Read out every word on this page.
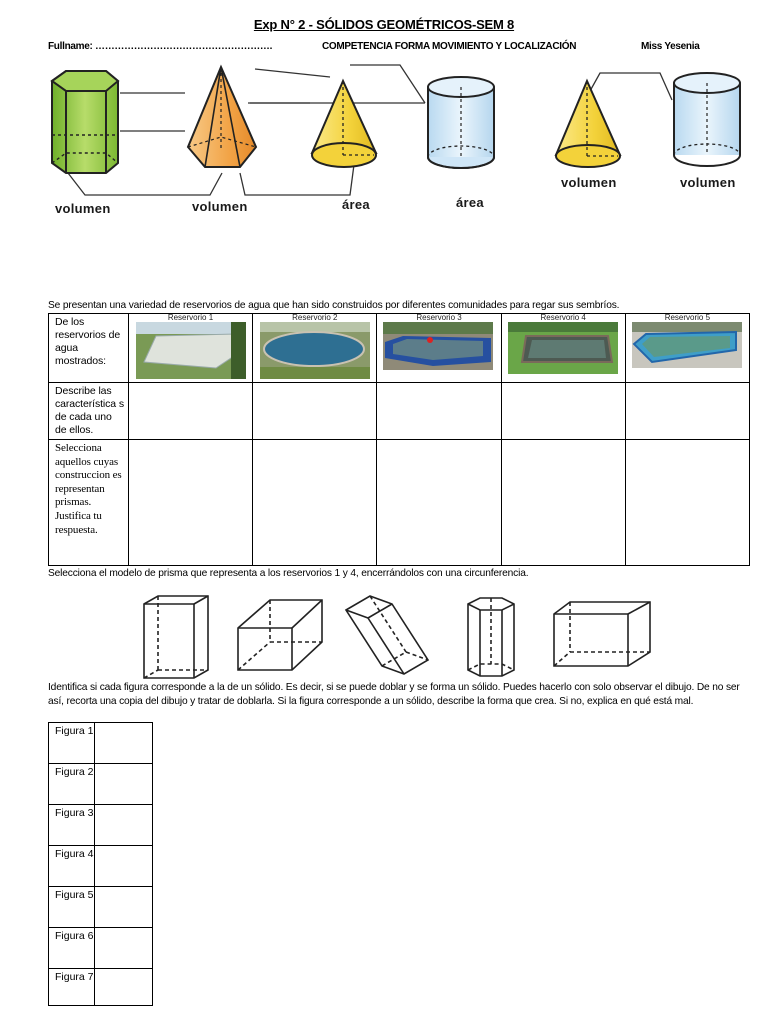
Exp N° 2 - SÓLIDOS GEOMÉTRICOS-SEM 8
Fullname: ……………………………………………….	COMPETENCIA FORMA MOVIMIENTO Y LOCALIZACIÓN	Miss Yesenia
volumen	volumen	área	área
volumen	volumen
Se presentan una variedad de reservorios de agua que han sido construidos por diferentes comunidades para regar sus sembríos.
De los reservorios de agua mostrados:	Reservorio 1	Reservorio 2	Reservorio 3	Reservorio 4	Reservorio 5

Describe las característica s de cada uno de ellos.					

Selecciona aquellos cuyas construccion es representan prismas. Justifica tu respuesta.					

Selecciona el modelo de prisma que representa a los reservorios 1 y 4, encerrándolos con una circunferencia.
Identifica si cada figura corresponde a la de un sólido. Es decir, si se puede doblar y se forma un sólido. Puedes hacerlo con solo observar el dibujo. De no ser así, recorta una copia del dibujo y tratar de doblarla. Si la figura corresponde a un sólido, describe la forma que crea. Si no, explica en qué está mal.
Figura 1	

Figura 2	

Figura 3	

Figura 4	

Figura 5	

Figura 6	

Figura 7	
